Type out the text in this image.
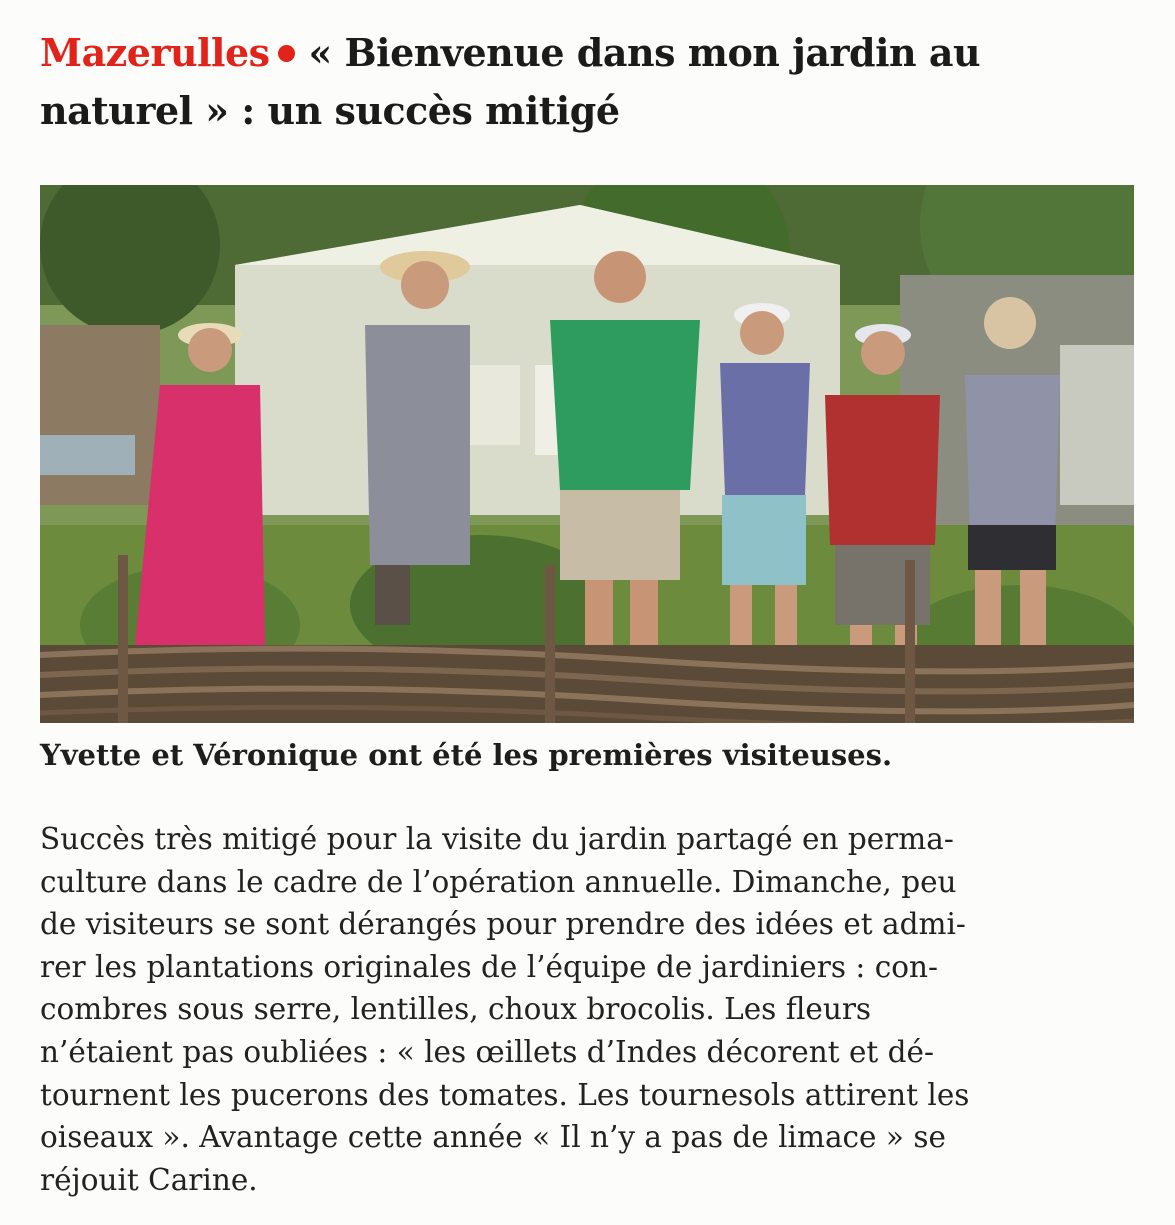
Mazerulles « Bienvenue dans mon jardin au naturel » : un succès mitigé

Yvette et Véronique ont été les premières visiteuses.

Succès très mitigé pour la visite du jardin partagé en perma-
culture dans le cadre de l’opération annuelle. Dimanche, peu
de visiteurs se sont dérangés pour prendre des idées et admi-
rer les plantations originales de l’équipe de jardiniers : con-
combres sous serre, lentilles, choux brocolis. Les fleurs
n’étaient pas oubliées : « les œillets d’Indes décorent et dé-
tournent les pucerons des tomates. Les tournesols attirent les
oiseaux ». Avantage cette année « Il n’y a pas de limace » se
réjouit Carine.
